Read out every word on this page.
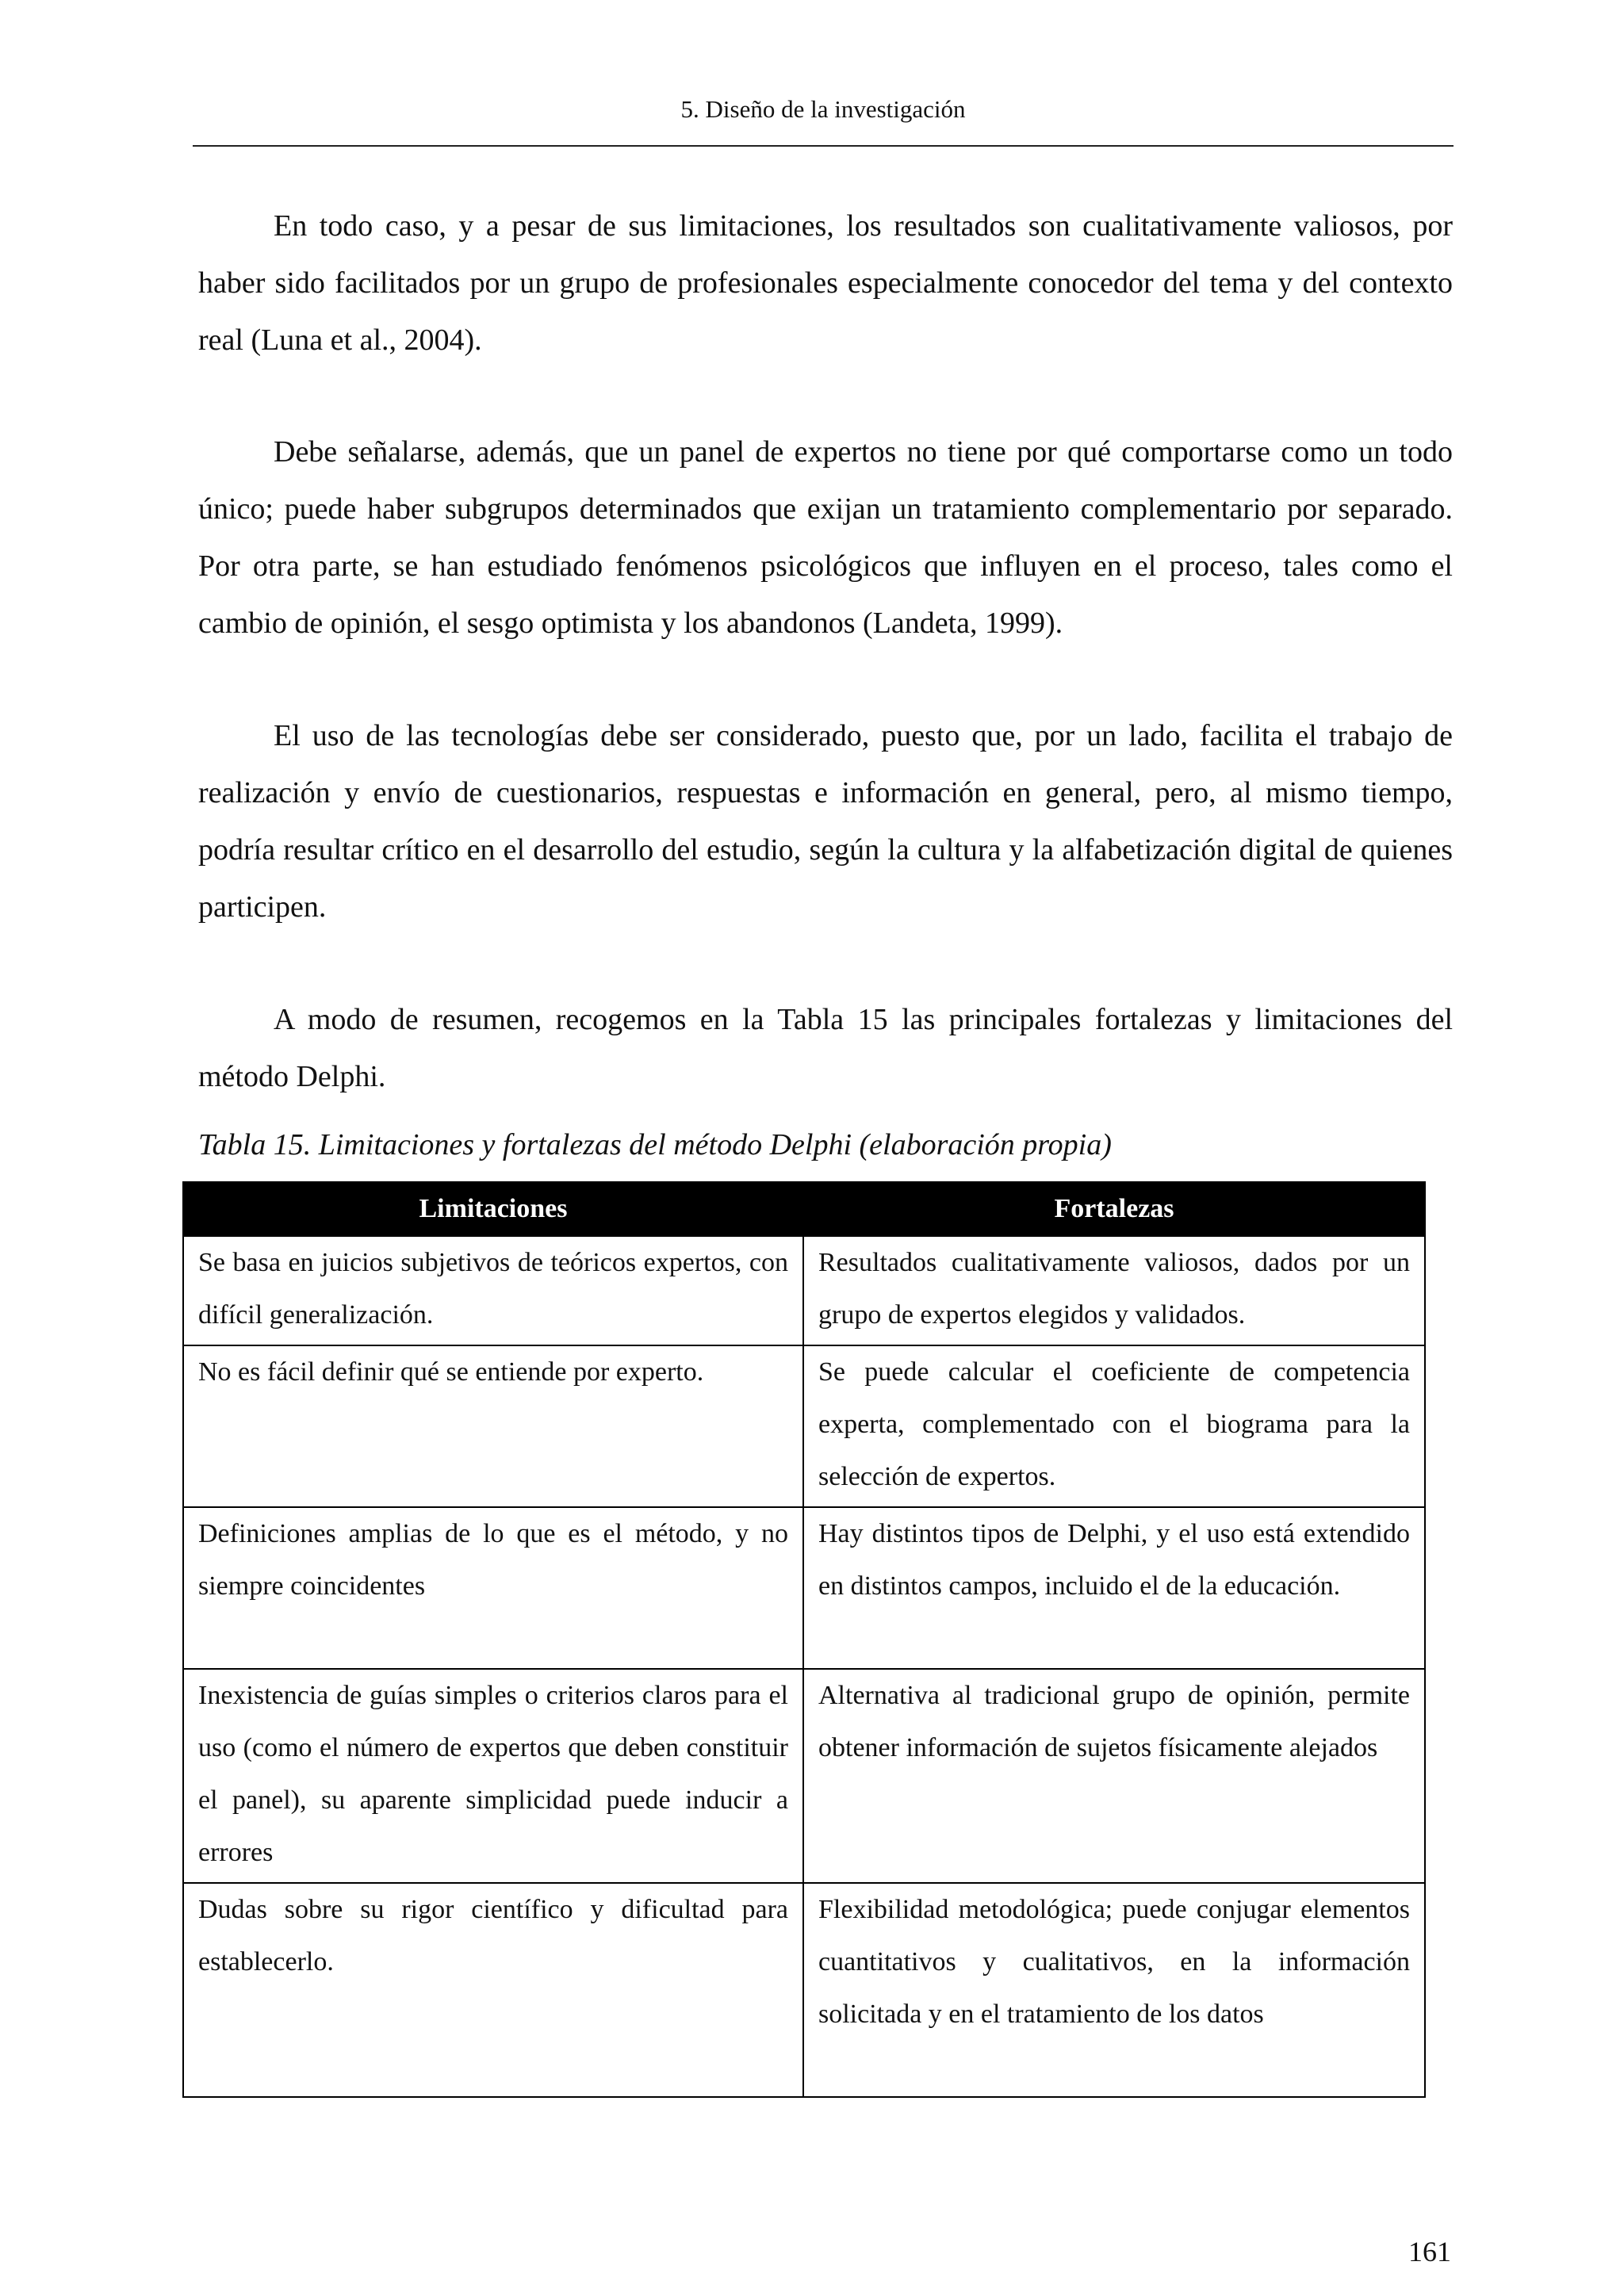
5. Diseño de la investigación

En todo caso, y a pesar de sus limitaciones, los resultados son cualitativamente valiosos, por haber sido facilitados por un grupo de profesionales especialmente conocedor del tema y del contexto real (Luna et al., 2004).

Debe señalarse, además, que un panel de expertos no tiene por qué comportarse como un todo único; puede haber subgrupos determinados que exijan un tratamiento complementario por separado. Por otra parte, se han estudiado fenómenos psicológicos que influyen en el proceso, tales como el cambio de opinión, el sesgo optimista y los abandonos (Landeta, 1999).

El uso de las tecnologías debe ser considerado, puesto que, por un lado, facilita el trabajo de realización y envío de cuestionarios, respuestas e información en general, pero, al mismo tiempo, podría resultar crítico en el desarrollo del estudio, según la cultura y la alfabetización digital de quienes participen.

A modo de resumen, recogemos en la Tabla 15 las principales fortalezas y limitaciones del método Delphi.

Tabla 15. Limitaciones y fortalezas del método Delphi (elaboración propia)
Limitaciones	Fortalezas
Se basa en juicios subjetivos de teóricos expertos, con difícil generalización.	Resultados cualitativamente valiosos, dados por un grupo de expertos elegidos y validados.
No es fácil definir qué se entiende por experto.	Se puede calcular el coeficiente de competencia experta, complementado con el biograma para la selección de expertos.
Definiciones amplias de lo que es el método, y no siempre coincidentes	Hay distintos tipos de Delphi, y el uso está extendido en distintos campos, incluido el de la educación.
Inexistencia de guías simples o criterios claros para el uso (como el número de expertos que deben constituir el panel), su aparente simplicidad puede inducir a errores	Alternativa al tradicional grupo de opinión, permite obtener información de sujetos físicamente alejados
Dudas sobre su rigor científico y dificultad para establecerlo.	Flexibilidad metodológica; puede conjugar elementos cuantitativos y cualitativos, en la información solicitada y en el tratamiento de los datos
161
